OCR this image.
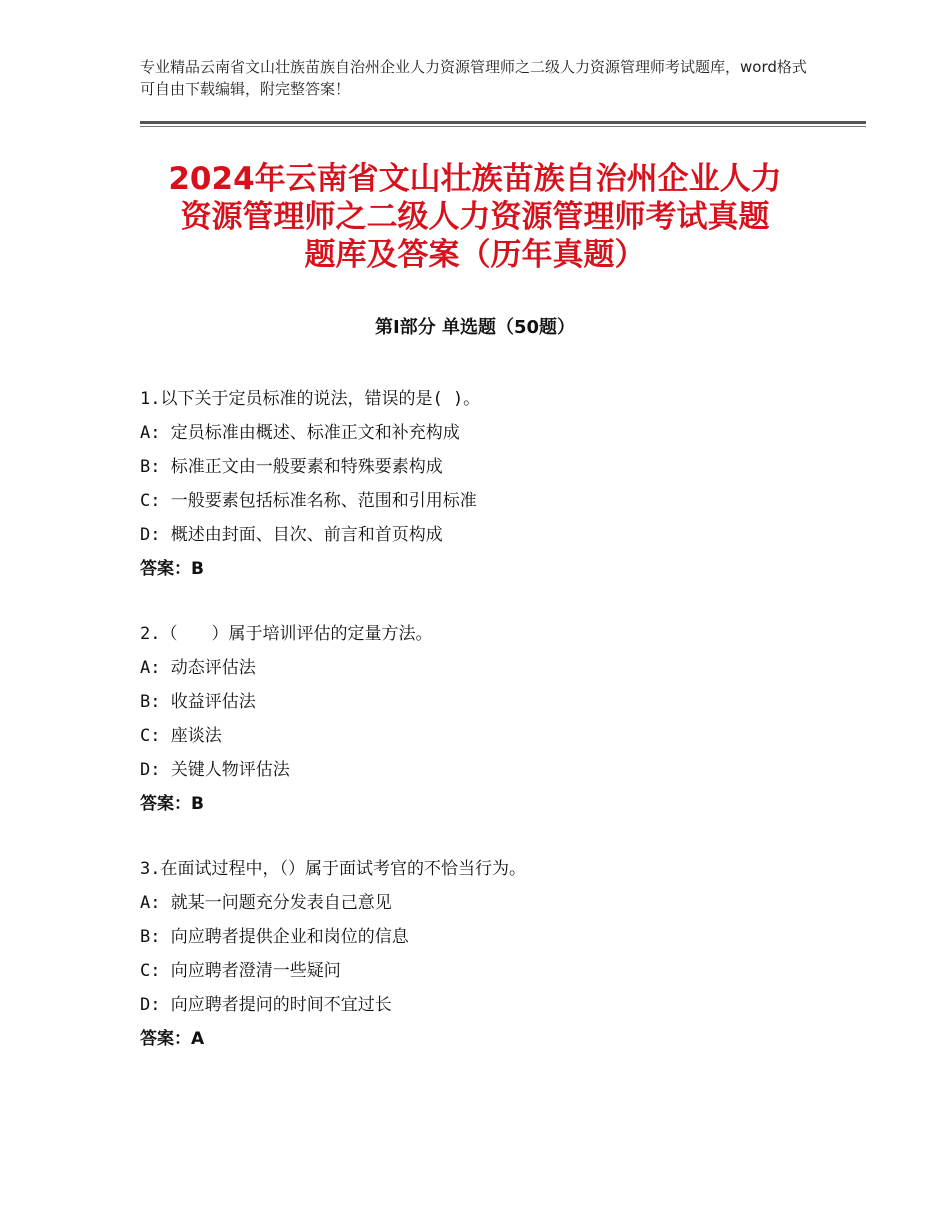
专业精品云南省文山壮族苗族自治州企业人力资源管理师之二级人力资源管理师考试题库，word格式可自由下载编辑，附完整答案！
2024年云南省文山壮族苗族自治州企业人力
资源管理师之二级人力资源管理师考试真题
题库及答案（历年真题）
第Ⅰ部分 单选题（50题）
1.以下关于定员标准的说法，错误的是( )。
A: 定员标准由概述、标准正文和补充构成
B: 标准正文由一般要素和特殊要素构成
C: 一般要素包括标准名称、范围和引用标准
D: 概述由封面、目次、前言和首页构成
答案：B
2.（　　）属于培训评估的定量方法。
A: 动态评估法
B: 收益评估法
C: 座谈法
D: 关键人物评估法
答案：B
3.在面试过程中，（）属于面试考官的不恰当行为。
A: 就某一问题充分发表自己意见
B: 向应聘者提供企业和岗位的信息
C: 向应聘者澄清一些疑问
D: 向应聘者提问的时间不宜过长
答案：A
